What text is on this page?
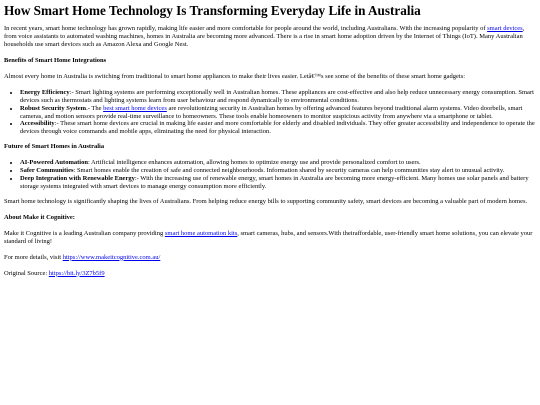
How Smart Home Technology Is Transforming Everyday Life in Australia

In recent years, smart home technology has grown rapidly, making life easier and more comfortable for people around the world, including Australians. With the increasing popularity of smart devices, from voice assistants to automated washing machines, homes in Australia are becoming more advanced. There is a rise in smart home adoption driven by the Internet of Things (IoT). Many Australian households use smart devices such as Amazon Alexa and Google Nest.

Benefits of Smart Home Integrations

Almost every home in Australia is switching from traditional to smart home appliances to make their lives easier. Letâ€™s see some of the benefits of these smart home gadgets:

• Energy Efficiency:- Smart lighting systems are performing exceptionally well in Australian homes. These appliances are cost-effective and also help reduce unnecessary energy consumption. Smart devices such as thermostats and lighting systems learn from user behaviour and respond dynamically to environmental conditions.
• Robust Security System.- The best smart home devices are revolutionizing security in Australian homes by offering advanced features beyond traditional alarm systems. Video doorbells, smart cameras, and motion sensors provide real-time surveillance to homeowners. These tools enable homeowners to monitor suspicious activity from anywhere via a smartphone or tablet.
• Accessibility:- These smart home devices are crucial in making life easier and more comfortable for elderly and disabled individuals. They offer greater accessibility and independence to operate the devices through voice commands and mobile apps, eliminating the need for physical interaction.
Future of Smart Homes in Australia
• AI-Powered Automation: Artificial intelligence enhances automation, allowing homes to optimize energy use and provide personalized comfort to users.
• Safer Communities: Smart homes enable the creation of safe and connected neighbourhoods. Information shared by security cameras can help communities stay alert to unusual activity.
• Deep Integration with Renewable Energy:- With the increasing use of renewable energy, smart homes in Australia are becoming more energy-efficient. Many homes use solar panels and battery storage systems integrated with smart devices to manage energy consumption more efficiently.

Smart home technology is significantly shaping the lives of Australians. From helping reduce energy bills to supporting community safety, smart devices are becoming a valuable part of modern homes.

About Make it Cognitive:

Make it Cognitive is a leading Australian company providing smart home automation kits, smart cameras, hubs, and sensors.With theiraffordable, user-friendly smart home solutions, you can elevate your standard of living!

For more details, visit https://www.makeitcognitive.com.au/

Original Source: https://bit.ly/3Z7b5f9
